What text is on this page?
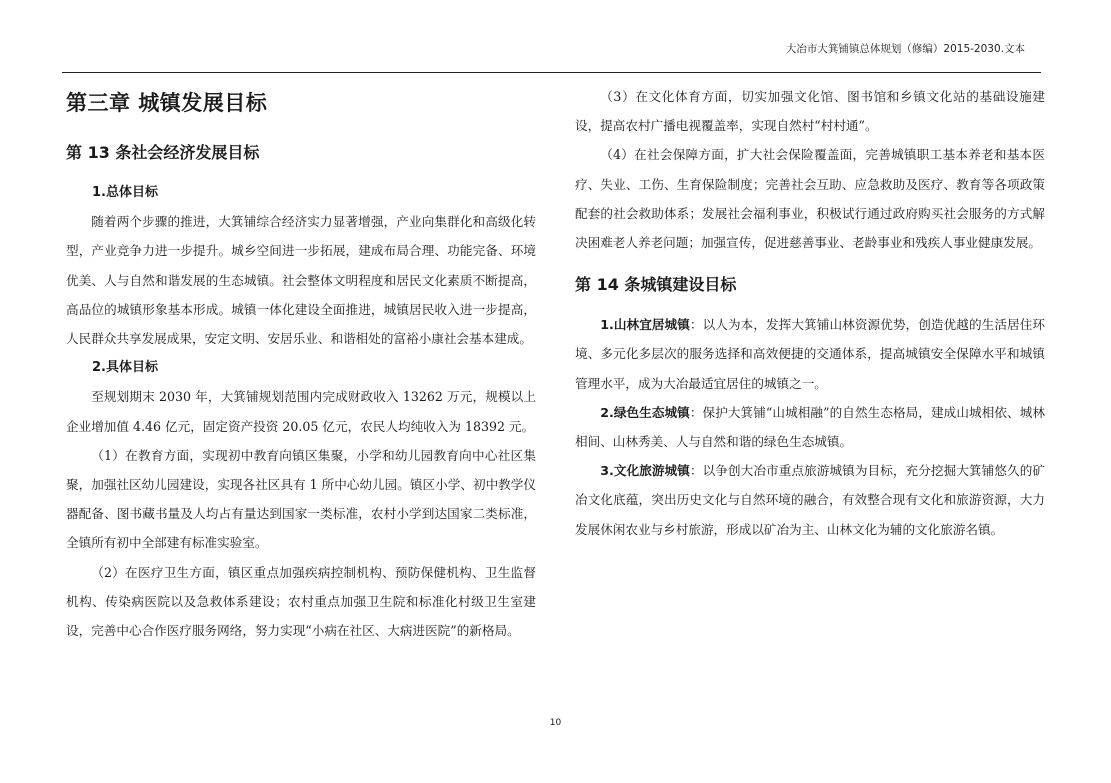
大冶市大箕铺镇总体规划（修编）2015-2030.文本
第三章 城镇发展目标
第 13 条社会经济发展目标

1.总体目标

随着两个步骤的推进，大箕铺综合经济实力显著增强，产业向集群化和高级化转型，产业竞争力进一步提升。城乡空间进一步拓展，建成布局合理、功能完备、环境优美、人与自然和谐发展的生态城镇。社会整体文明程度和居民文化素质不断提高，高品位的城镇形象基本形成。城镇一体化建设全面推进，城镇居民收入进一步提高，人民群众共享发展成果，安定文明、安居乐业、和谐相处的富裕小康社会基本建成。

2.具体目标

至规划期末 2030 年，大箕铺规划范围内完成财政收入 13262 万元，规模以上企业增加值 4.46 亿元，固定资产投资 20.05 亿元，农民人均纯收入为 18392 元。

（1）在教育方面，实现初中教育向镇区集聚，小学和幼儿园教育向中心社区集聚，加强社区幼儿园建设，实现各社区具有 1 所中心幼儿园。镇区小学、初中教学仪器配备、图书藏书量及人均占有量达到国家一类标准，农村小学到达国家二类标准，全镇所有初中全部建有标准实验室。

（2）在医疗卫生方面，镇区重点加强疾病控制机构、预防保健机构、卫生监督机构、传染病医院以及急救体系建设；农村重点加强卫生院和标准化村级卫生室建设，完善中心合作医疗服务网络，努力实现“小病在社区、大病进医院”的新格局。

（3）在文化体育方面，切实加强文化馆、图书馆和乡镇文化站的基础设施建设，提高农村广播电视覆盖率，实现自然村“村村通”。

（4）在社会保障方面，扩大社会保险覆盖面，完善城镇职工基本养老和基本医疗、失业、工伤、生育保险制度；完善社会互助、应急救助及医疗、教育等各项政策配套的社会救助体系；发展社会福利事业，积极试行通过政府购买社会服务的方式解决困难老人养老问题；加强宣传，促进慈善事业、老龄事业和残疾人事业健康发展。

第 14 条城镇建设目标

1.山林宜居城镇：以人为本，发挥大箕铺山林资源优势，创造优越的生活居住环境、多元化多层次的服务选择和高效便捷的交通体系，提高城镇安全保障水平和城镇管理水平，成为大冶最适宜居住的城镇之一。

2.绿色生态城镇：保护大箕铺“山城相融”的自然生态格局，建成山城相依、城林相间、山林秀美、人与自然和谐的绿色生态城镇。

3.文化旅游城镇：以争创大冶市重点旅游城镇为目标，充分挖掘大箕铺悠久的矿冶文化底蕴，突出历史文化与自然环境的融合，有效整合现有文化和旅游资源，大力发展休闲农业与乡村旅游，形成以矿冶为主、山林文化为辅的文化旅游名镇。

10
